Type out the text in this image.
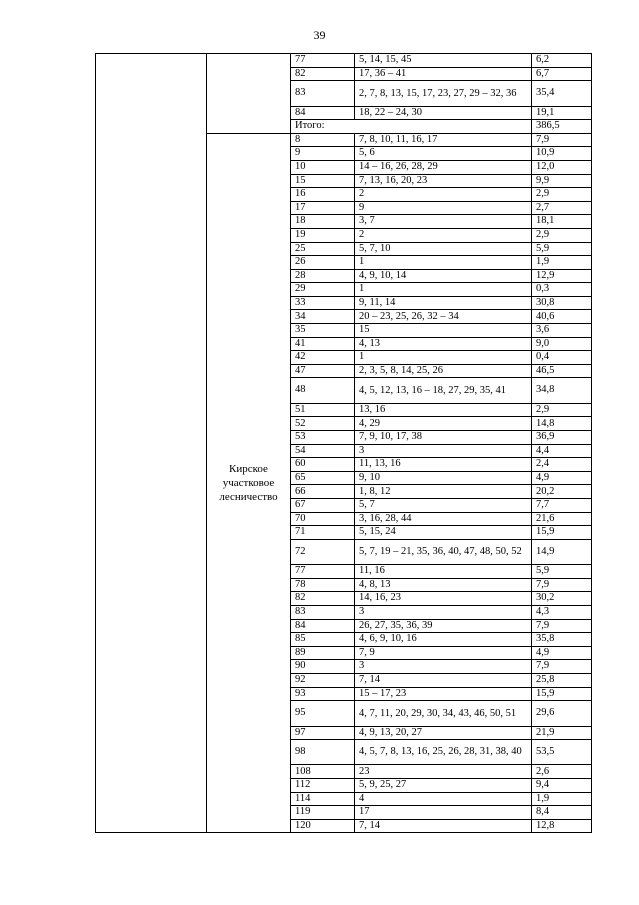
39
		77	5, 14, 15, 45	6,2
		82	17, 36 – 41	6,7
		83	2, 7, 8, 13, 15, 17, 23, 27, 29 – 32, 36	35,4
		84	18, 22 – 24, 30	19,1
		Итого:		386,5
	Кирское участковое лесничество	8	7, 8, 10, 11, 16, 17	7,9
		9	5, 6	10,9
		10	14 – 16, 26, 28, 29	12,0
		15	7, 13, 16, 20, 23	9,9
		16	2	2,9
		17	9	2,7
		18	3, 7	18,1
		19	2	2,9
		25	5, 7, 10	5,9
		26	1	1,9
		28	4, 9, 10, 14	12,9
		29	1	0,3
		33	9, 11, 14	30,8
		34	20 – 23, 25, 26, 32 – 34	40,6
		35	15	3,6
		41	4, 13	9,0
		42	1	0,4
		47	2, 3, 5, 8, 14, 25, 26	46,5
		48	4, 5, 12, 13, 16 – 18, 27, 29, 35, 41	34,8
		51	13, 16	2,9
		52	4, 29	14,8
		53	7, 9, 10, 17, 38	36,9
		54	3	4,4
		60	11, 13, 16	2,4
		65	9, 10	4,9
		66	1, 8, 12	20,2
		67	5, 7	7,7
		70	3, 16, 28, 44	21,6
		71	5, 15, 24	15,9
		72	5, 7, 19 – 21, 35, 36, 40, 47, 48, 50, 52	14,9
		77	11, 16	5,9
		78	4, 8, 13	7,9
		82	14, 16, 23	30,2
		83	3	4,3
		84	26, 27, 35, 36, 39	7,9
		85	4, 6, 9, 10, 16	35,8
		89	7, 9	4,9
		90	3	7,9
		92	7, 14	25,8
		93	15 – 17, 23	15,9
		95	4, 7, 11, 20, 29, 30, 34, 43, 46, 50, 51	29,6
		97	4, 9, 13, 20, 27	21,9
		98	4, 5, 7, 8, 13, 16, 25, 26, 28, 31, 38, 40	53,5
		108	23	2,6
		112	5, 9, 25, 27	9,4
		114	4	1,9
		119	17	8,4
		120	7, 14	12,8
